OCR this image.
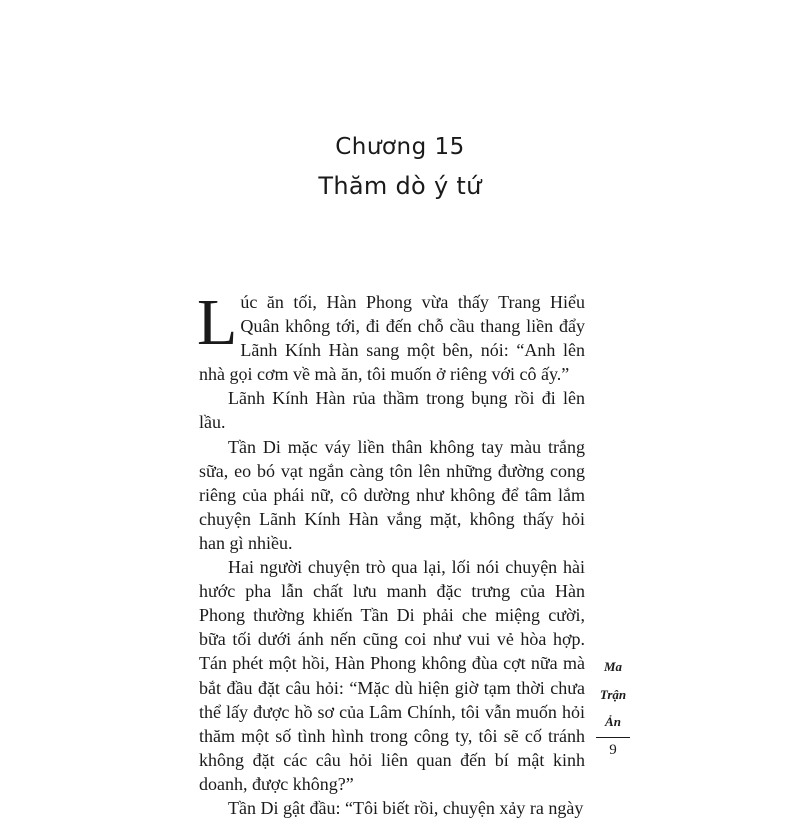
Chương 15
Thăm dò ý tứ

Lúc ăn tối, Hàn Phong vừa thấy Trang Hiểu Quân không tới, đi đến chỗ cầu thang liền đẩy Lãnh Kính Hàn sang một bên, nói: “Anh lên nhà gọi cơm về mà ăn, tôi muốn ở riêng với cô ấy.”

Lãnh Kính Hàn rủa thầm trong bụng rồi đi lên lầu.

Tần Di mặc váy liền thân không tay màu trắng sữa, eo bó vạt ngắn càng tôn lên những đường cong riêng của phái nữ, cô dường như không để tâm lắm chuyện Lãnh Kính Hàn vắng mặt, không thấy hỏi han gì nhiều.

Hai người chuyện trò qua lại, lối nói chuyện hài hước pha lẫn chất lưu manh đặc trưng của Hàn Phong thường khiến Tần Di phải che miệng cười, bữa tối dưới ánh nến cũng coi như vui vẻ hòa hợp. Tán phét một hồi, Hàn Phong không đùa cợt nữa mà bắt đầu đặt câu hỏi: “Mặc dù hiện giờ tạm thời chưa thể lấy được hồ sơ của Lâm Chính, tôi vẫn muốn hỏi thăm một số tình hình trong công ty, tôi sẽ cố tránh không đặt các câu hỏi liên quan đến bí mật kinh doanh, được không?”

Tần Di gật đầu: “Tôi biết rồi, chuyện xảy ra ngày

Ma
Trận
Ản
9
